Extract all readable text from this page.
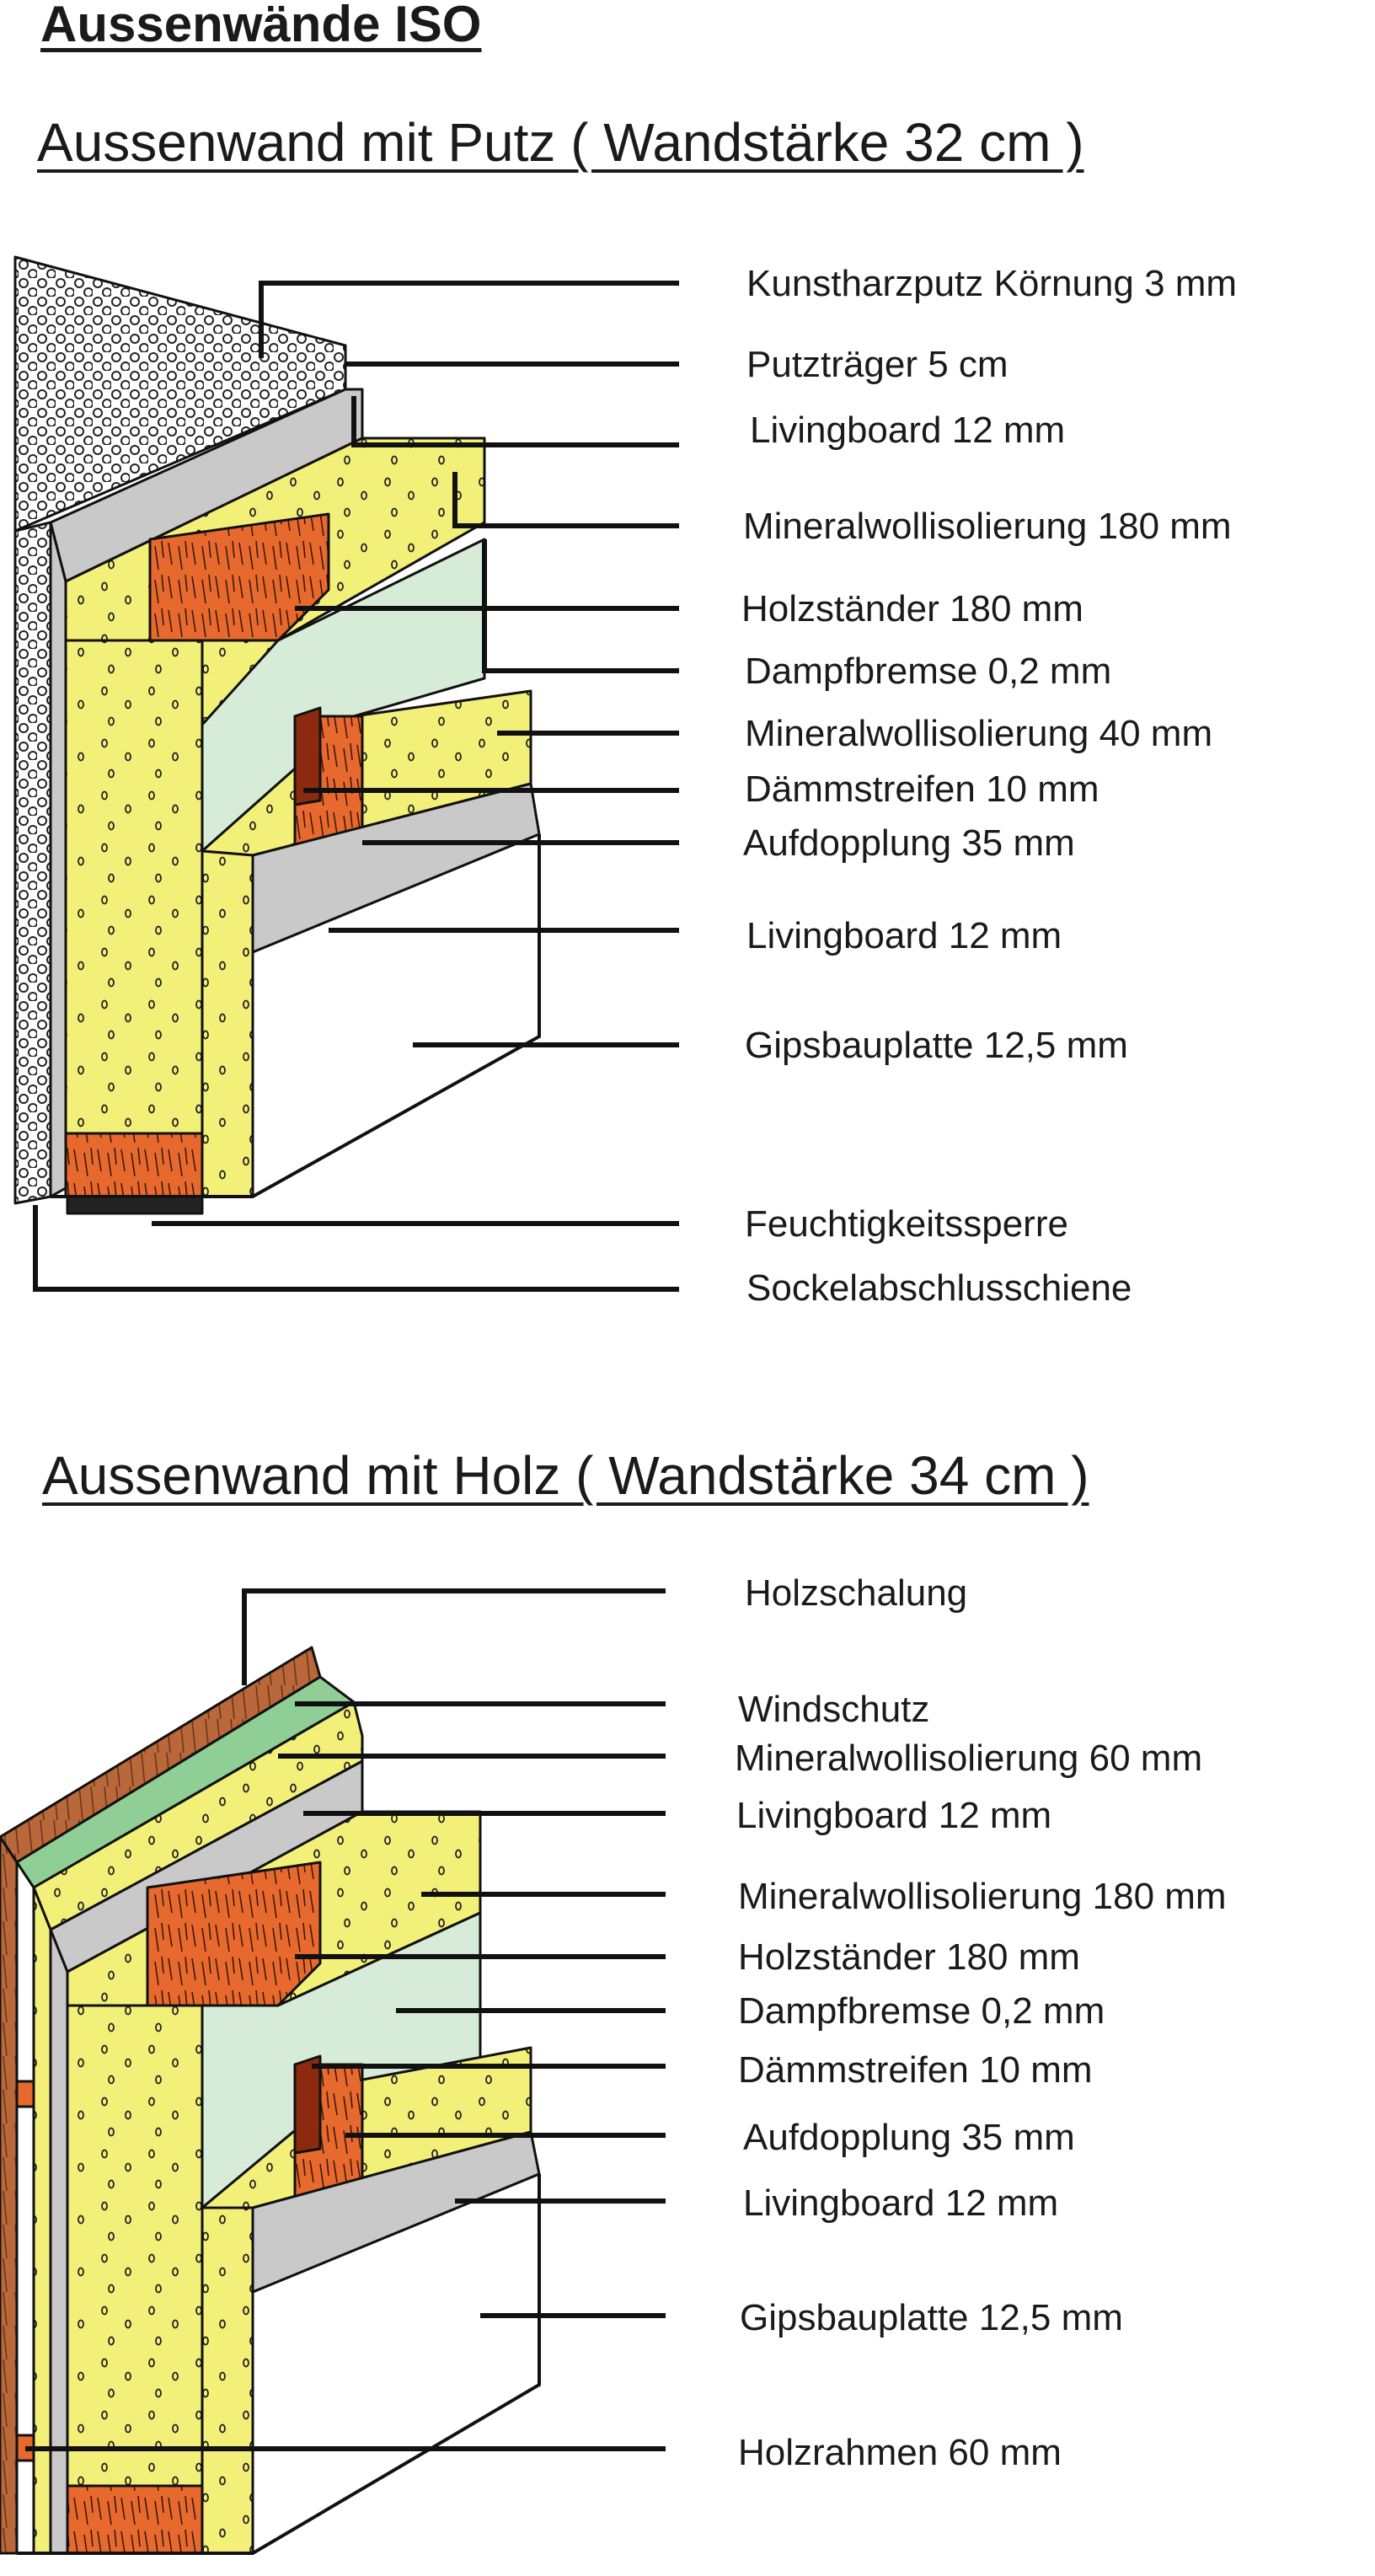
Aussenwände ISO
Aussenwand mit Putz ( Wandstärke 32 cm )
Aussenwand mit Holz ( Wandstärke 34 cm )
Kunstharzputz Körnung 3 mm
Putzträger 5 cm
Livingboard 12 mm
Mineralwollisolierung 180 mm
Holzständer 180 mm
Dampfbremse 0,2 mm
Mineralwollisolierung 40 mm
Dämmstreifen 10 mm
Aufdopplung 35 mm
Livingboard 12 mm
Gipsbauplatte 12,5 mm
Feuchtigkeitssperre
Sockelabschlusschiene
Holzschalung
Windschutz
Mineralwollisolierung 60 mm
Livingboard 12 mm
Mineralwollisolierung 180 mm
Holzständer 180 mm
Dampfbremse 0,2 mm
Dämmstreifen 10 mm
Aufdopplung 35 mm
Livingboard 12 mm
Gipsbauplatte 12,5 mm
Holzrahmen 60 mm
